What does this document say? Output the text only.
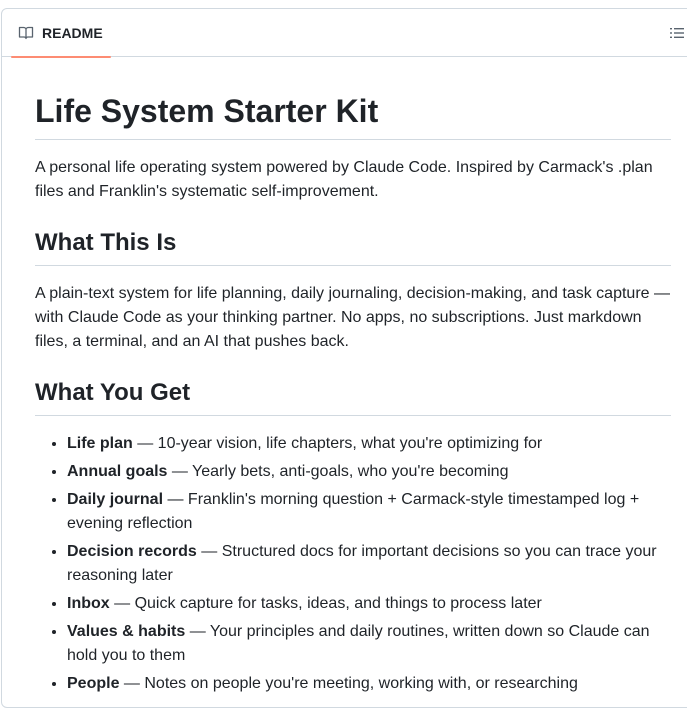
README
Life System Starter Kit

A personal life operating system powered by Claude Code. Inspired by Carmack's .plan files and Franklin's systematic self-improvement.

What This Is

A plain-text system for life planning, daily journaling, decision-making, and task capture — with Claude Code as your thinking partner. No apps, no subscriptions. Just markdown files, a terminal, and an AI that pushes back.

What You Get
• Life plan — 10-year vision, life chapters, what you're optimizing for
• Annual goals — Yearly bets, anti-goals, who you're becoming
• Daily journal — Franklin's morning question + Carmack-style timestamped log + evening reflection
• Decision records — Structured docs for important decisions so you can trace your reasoning later
• Inbox — Quick capture for tasks, ideas, and things to process later
• Values & habits — Your principles and daily routines, written down so Claude can hold you to them
• People — Notes on people you're meeting, working with, or researching
